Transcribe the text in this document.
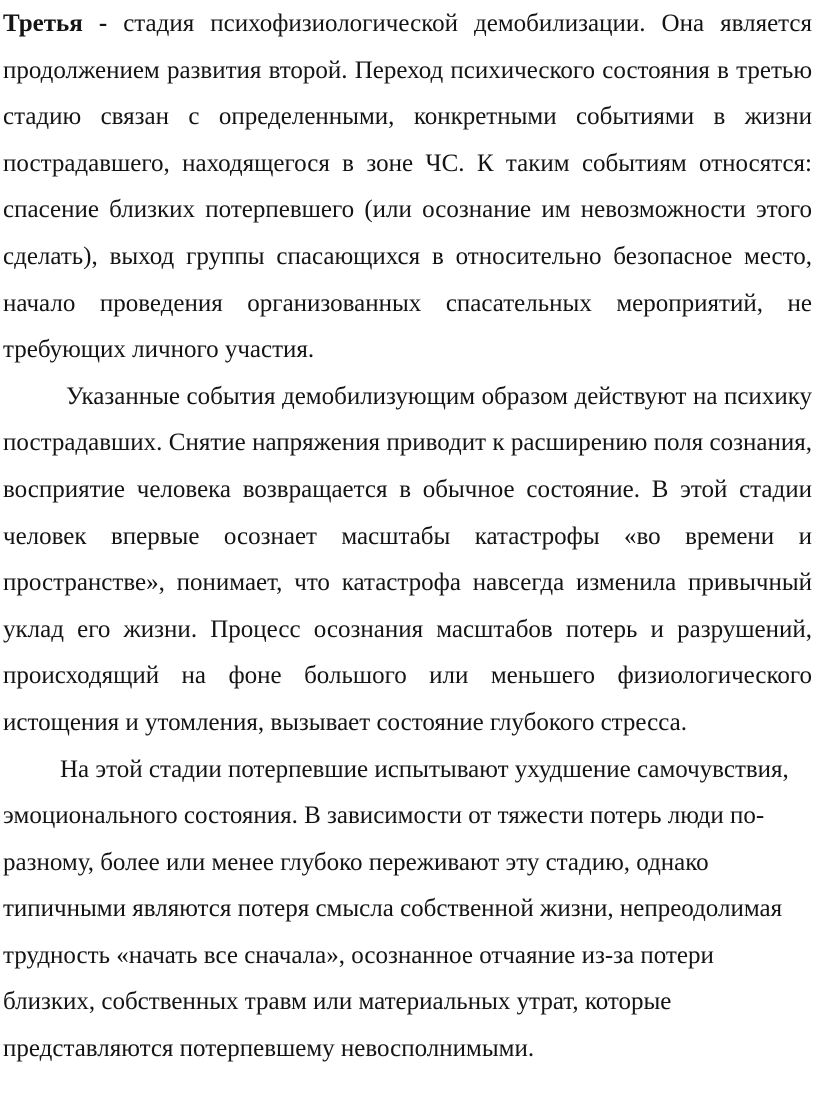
Третья - стадия психофизиологической демобилизации. Она является продолжением развития второй. Переход психического состояния в третью стадию связан с определенными, конкретными событиями в жизни пострадавшего, находящегося в зоне ЧС. К таким событиям относятся: спасение близких потерпевшего (или осознание им невозможности этого сделать), выход группы спасающихся в относительно безопасное место, начало проведения организованных спасательных мероприятий, не требующих личного участия.

Указанные события демобилизующим образом действуют на психику пострадавших. Снятие напряжения приводит к расширению поля сознания, восприятие человека возвращается в обычное состояние. В этой стадии человек впервые осознает масштабы катастрофы «во времени и пространстве», понимает, что катастрофа навсегда изменила привычный уклад его жизни. Процесс осознания масштабов потерь и разрушений, происходящий на фоне большого или меньшего физиологического истощения и утомления, вызывает состояние глубокого стресса.

На этой стадии потерпевшие испытывают ухудшение самочувствия, эмоционального состояния. В зависимости от тяжести потерь люди по-разному, более или менее глубоко переживают эту стадию, однако типичными являются потеря смысла собственной жизни, непреодолимая трудность «начать все сначала», осознанное отчаяние из-за потери близких, собственных травм или материальных утрат, которые представляются потерпевшему невосполнимыми.
